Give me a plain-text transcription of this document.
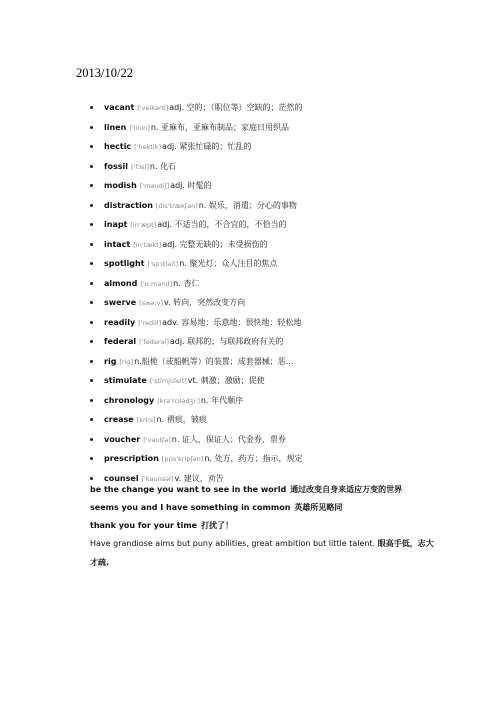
2013/10/22
vacant ['veikənt]adj. 空的；（职位等）空缺的；茫然的
linen ['linin]n. 亚麻布，亚麻布制品；家庭日用织品
hectic ['hektik]adj. 紧张忙碌的；忙乱的
fossil ['fɔsl]n. 化石
modish ['məudiʃ]adj. 时髦的
distraction [dis'trækʃən]n. 娱乐，消遣；分心的事物
inapt [in'æpt]adj. 不适当的，不合宜的，不恰当的
intact [in'tækt]adj. 完整无缺的；未受损伤的
spotlight ['spɔtlait]n. 聚光灯；众人注目的焦点
almond ['ɑ:mənd]n. 杏仁
swerve [swə:v]v. 转向，突然改变方向
readily ['redili]adv. 容易地；乐意地；很快地；轻松地
federal ['fedərəl]adj. 联邦的；与联邦政府有关的
rig [rig]n.船桅（或船帆等）的装置；成套器械；恶...
stimulate ['stimjuleit]vt. 刺激；激励；促使
chronology [krə'nɔlədʒi:]n. 年代顺序
crease [kri:s]n. 褶痕，皱痕
voucher ['vautʃə]n. 证人，保证人；代金券，票券
prescription [pris'kripʃən]n. 处方，药方；指示，规定
counsel ['kaunsəl]v. 建议，劝告
be the change you want to see in the world 通过改变自身来适应万变的世界
seems you and I have something in common 英雄所见略同
thank you for your time 打扰了！
Have grandiose aims but puny abilities, great ambition but little talent. 眼高手低，志大才疏.
